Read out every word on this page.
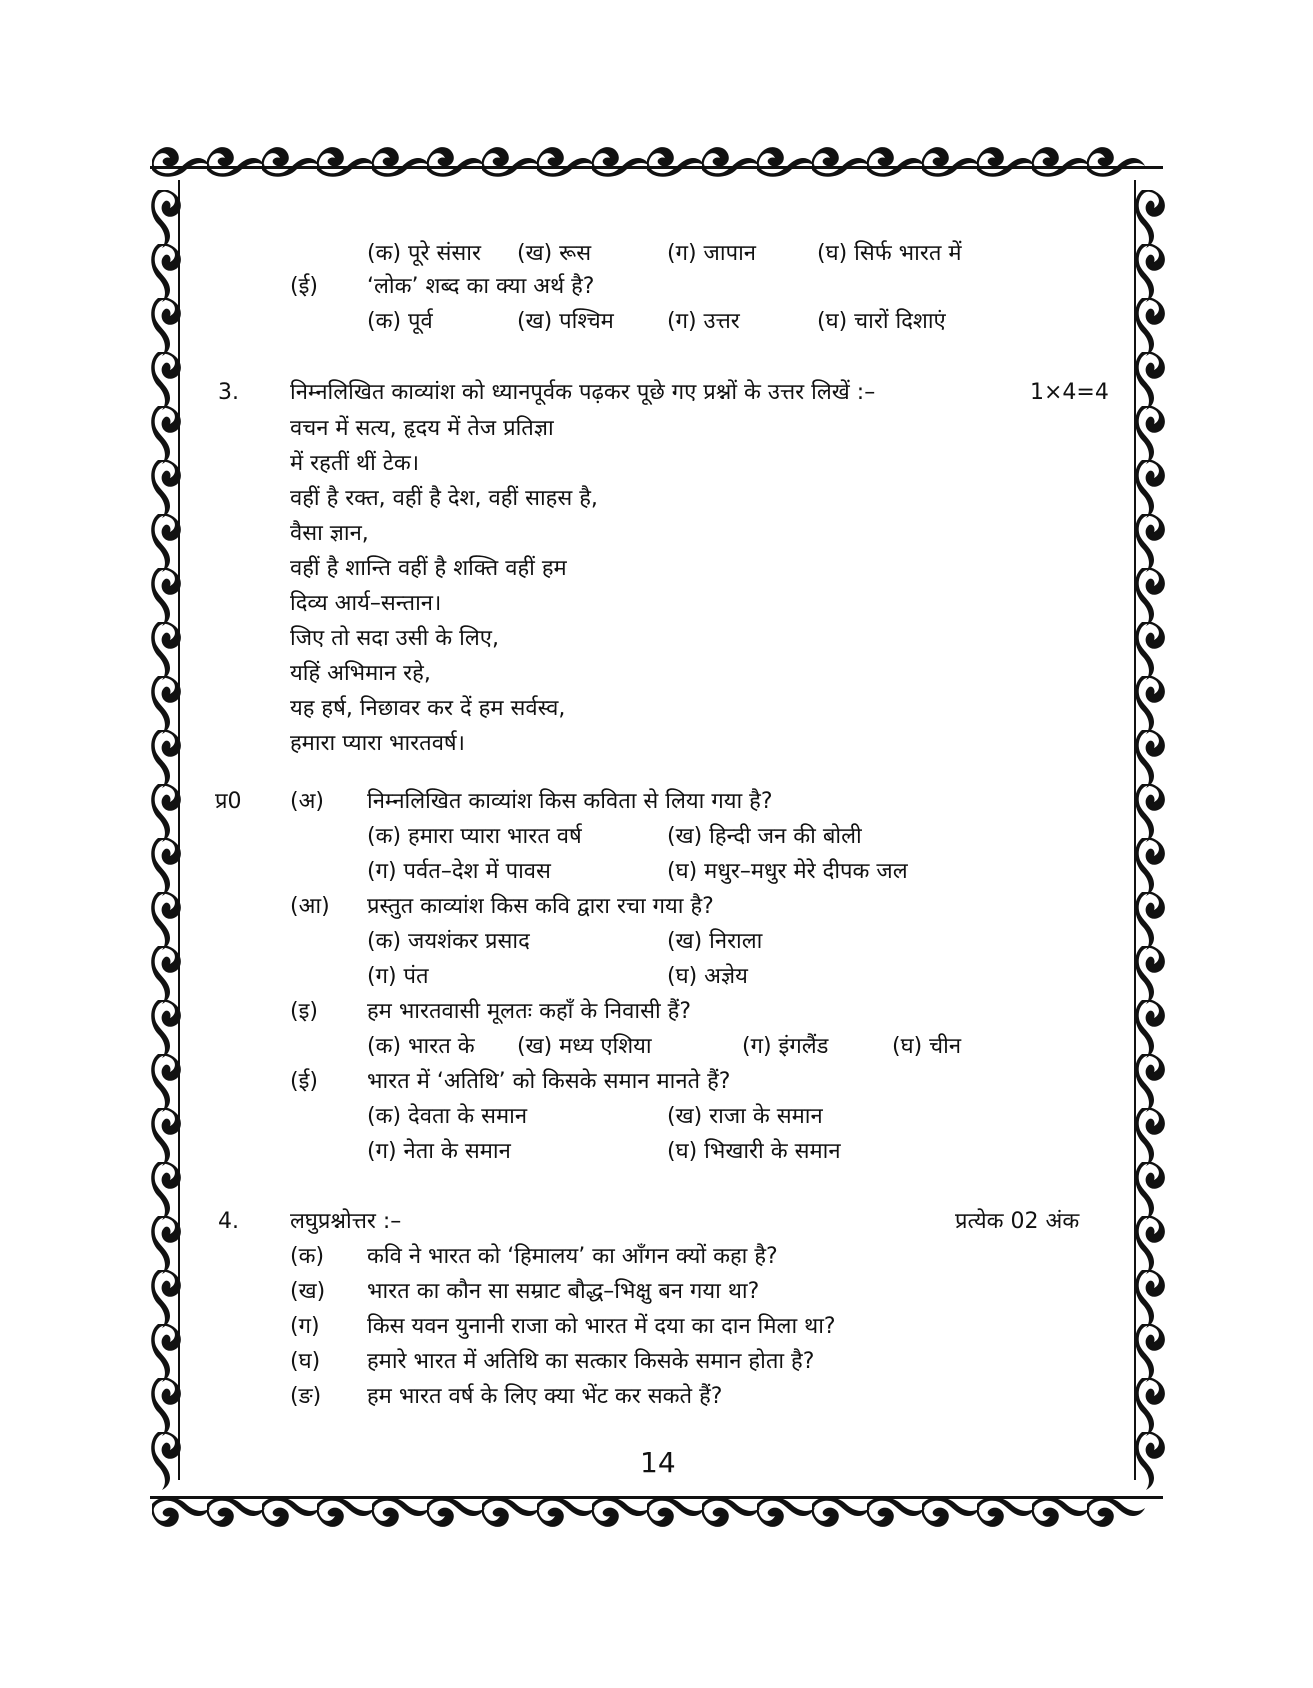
(क) पूरे संसार (ख) रूस	(ग) जापान	(घ) सिर्फ भारत में
(ई) ‘लोक’ शब्द का क्या अर्थ है?
(क) पूर्व	(ख) पश्चिम (ग) उत्तर	(घ) चारों दिशाएं
3. निम्नलिखित काव्यांश को ध्यानपूर्वक पढ़कर पूछे गए प्रश्नों के उत्तर लिखें :–	1×4=4
वचन में सत्य, हृदय में तेज प्रतिज्ञा
में रहतीं थीं टेक।
वहीं है रक्त, वहीं है देश, वहीं साहस है,
वैसा ज्ञान,
वहीं है शान्ति वहीं है शक्ति वहीं हम
दिव्य आर्य–सन्तान।
जिए तो सदा उसी के लिए,
यहिं अभिमान रहे,
यह हर्ष, निछावर कर दें हम सर्वस्व,
हमारा प्यारा भारतवर्ष।
प्र0 (अ) निम्नलिखित काव्यांश किस कविता से लिया गया है?
(क) हमारा प्यारा भारत वर्ष	(ख) हिन्दी जन की बोली
(ग) पर्वत–देश में पावस	(घ) मधुर–मधुर मेरे दीपक जल
(आ) प्रस्तुत काव्यांश किस कवि द्वारा रचा गया है?
(क) जयशंकर प्रसाद	(ख) निराला
(ग) पंत	(घ) अज्ञेय
(इ) हम भारतवासी मूलतः कहाँ के निवासी हैं?
(क) भारत के (ख) मध्य एशिया	(ग) इंगलैंड	(घ) चीन
(ई) भारत में ‘अतिथि’ को किसके समान मानते हैं?
(क) देवता के समान	(ख) राजा के समान
(ग) नेता के समान	(घ) भिखारी के समान
4. लघुप्रश्नोत्तर :–	प्रत्येक 02 अंक
(क) कवि ने भारत को ‘हिमालय’ का आँगन क्यों कहा है?
(ख) भारत का कौन सा सम्राट बौद्ध–भिक्षु बन गया था?
(ग) किस यवन युनानी राजा को भारत में दया का दान मिला था?
(घ) हमारे भारत में अतिथि का सत्कार किसके समान होता है?
(ङ) हम भारत वर्ष के लिए क्या भेंट कर सकते हैं?
14
